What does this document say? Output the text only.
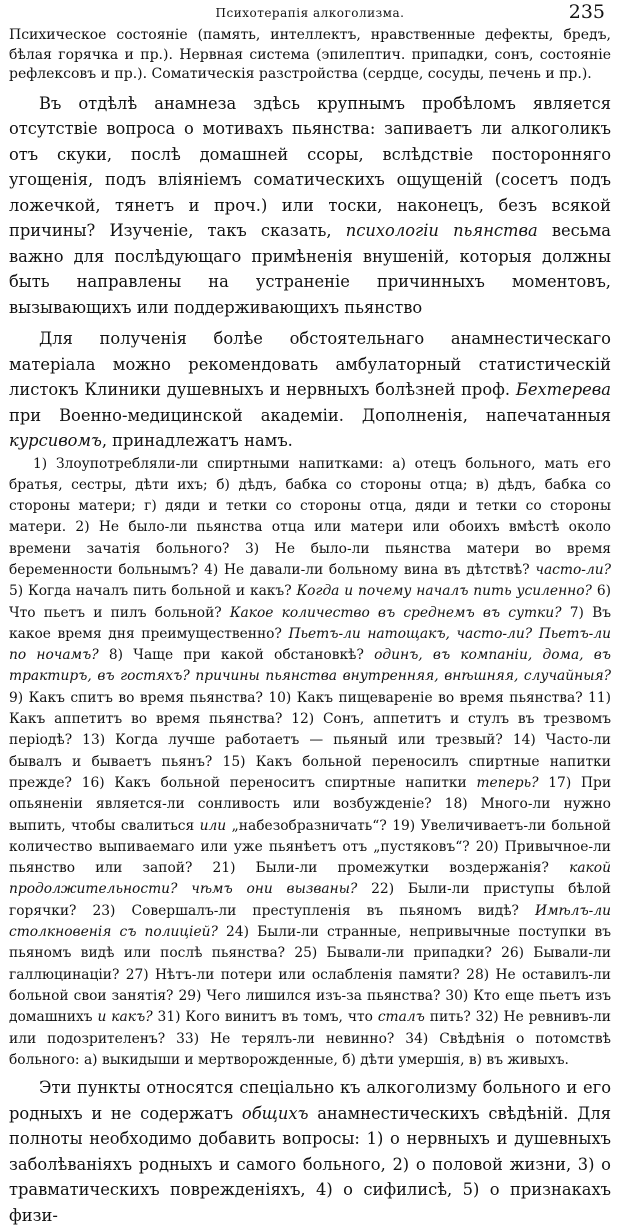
Психотерапія алкоголизма.	235

Психическое состояніе (память, интеллектъ, нравственные дефекты, бредъ, бѣлая горячка и пр.). Нервная система (эпилептич. припадки, сонъ, состояніе рефлексовъ и пр.). Соматическія разстройства (сердце, сосуды, печень и пр.).

Въ отдѣлѣ анамнеза здѣсь крупнымъ пробѣломъ является отсутствіе вопроса о мотивахъ пьянства: запиваетъ ли алкоголикъ отъ скуки, послѣ домашней ссоры, вслѣдствіе посторонняго угощенія, подъ вліяніемъ соматическихъ ощущеній (сосетъ подъ ложечкой, тянетъ и проч.) или тоски, наконецъ, безъ всякой причины? Изученіе, такъ сказать, психологіи пьянства весьма важно для послѣдующаго примѣненія внушеній, которыя должны быть направлены на устраненіе причинныхъ моментовъ, вызывающихъ или поддерживающихъ пьянство

Для полученія болѣе обстоятельнаго анамнестическаго матеріала можно рекомендовать амбулаторный статистическій листокъ Клиники душевныхъ и нервныхъ болѣзней проф. Бехтерева при Военно-медицинской академіи. Дополненія, напечатанныя курсивомъ, принадлежатъ намъ.

1) Злоупотребляли-ли спиртными напитками: а) отецъ больного, мать его братья, сестры, дѣти ихъ; б) дѣдъ, бабка со стороны отца; в) дѣдъ, бабка со стороны матери; г) дяди и тетки со стороны отца, дяди и тетки со стороны матери. 2) Не было-ли пьянства отца или матери или обоихъ вмѣстѣ около времени зачатія больного? 3) Не было-ли пьянства матери во время беременности больнымъ? 4) Не давали-ли больному вина въ дѣтствѣ? часто-ли? 5) Когда началъ пить больной и какъ? Когда и почему началъ пить усиленно? 6) Что пьетъ и пилъ больной? Какое количество въ среднемъ въ сутки? 7) Въ какое время дня преимущественно? Пьетъ-ли натощакъ, часто-ли? Пьетъ-ли по ночамъ? 8) Чаще при какой обстановкѣ? одинъ, въ компаніи, дома, въ трактиръ, въ гостяхъ? причины пьянства внутренняя, внѣшняя, случайныя? 9) Какъ спитъ во время пьянства? 10) Какъ пищевареніе во время пьянства? 11) Какъ аппетитъ во время пьянства? 12) Сонъ, аппетитъ и стулъ въ трезвомъ періодѣ? 13) Когда лучше работаетъ — пьяный или трезвый? 14) Часто-ли бывалъ и бываетъ пьянъ? 15) Какъ больной переносилъ спиртные напитки прежде? 16) Какъ больной переноситъ спиртные напитки теперь? 17) При опьяненіи является-ли сонливость или возбужденіе? 18) Много-ли нужно выпить, чтобы свалиться или „набезобразничать“? 19) Увеличиваетъ-ли больной количество выпиваемаго или уже пьянѣетъ отъ „пустяковъ“? 20) Привычное-ли пьянство или запой? 21) Были-ли промежутки воздержанія? какой продолжительности? чѣмъ они вызваны? 22) Были-ли приступы бѣлой горячки? 23) Совершалъ-ли преступленія въ пьяномъ видѣ? Имѣлъ-ли столкновенія съ полиціей? 24) Были-ли странные, непривычные поступки въ пьяномъ видѣ или послѣ пьянства? 25) Бывали-ли припадки? 26) Бывали-ли галлюцинаціи? 27) Нѣтъ-ли потери или ослабленія памяти? 28) Не оставилъ-ли больной свои занятія? 29) Чего лишился изъ-за пьянства? 30) Кто еще пьетъ изъ домашнихъ и какъ? 31) Кого винитъ въ томъ, что сталъ пить? 32) Не ревнивъ-ли или подозрителенъ? 33) Не терялъ-ли невинно? 34) Свѣдѣнія о потомствѣ больного: а) выкидыши и мертворожденные, б) дѣти умершія, в) въ живыхъ.

Эти пункты относятся спеціально къ алкоголизму больного и его родныхъ и не содержатъ общихъ анамнестическихъ свѣдѣній. Для полноты необходимо добавить вопросы: 1) о нервныхъ и душевныхъ заболѣваніяхъ родныхъ и самого больного, 2) о половой жизни, 3) о травматическихъ поврежденіяхъ, 4) о сифилисѣ, 5) о признакахъ физи-
